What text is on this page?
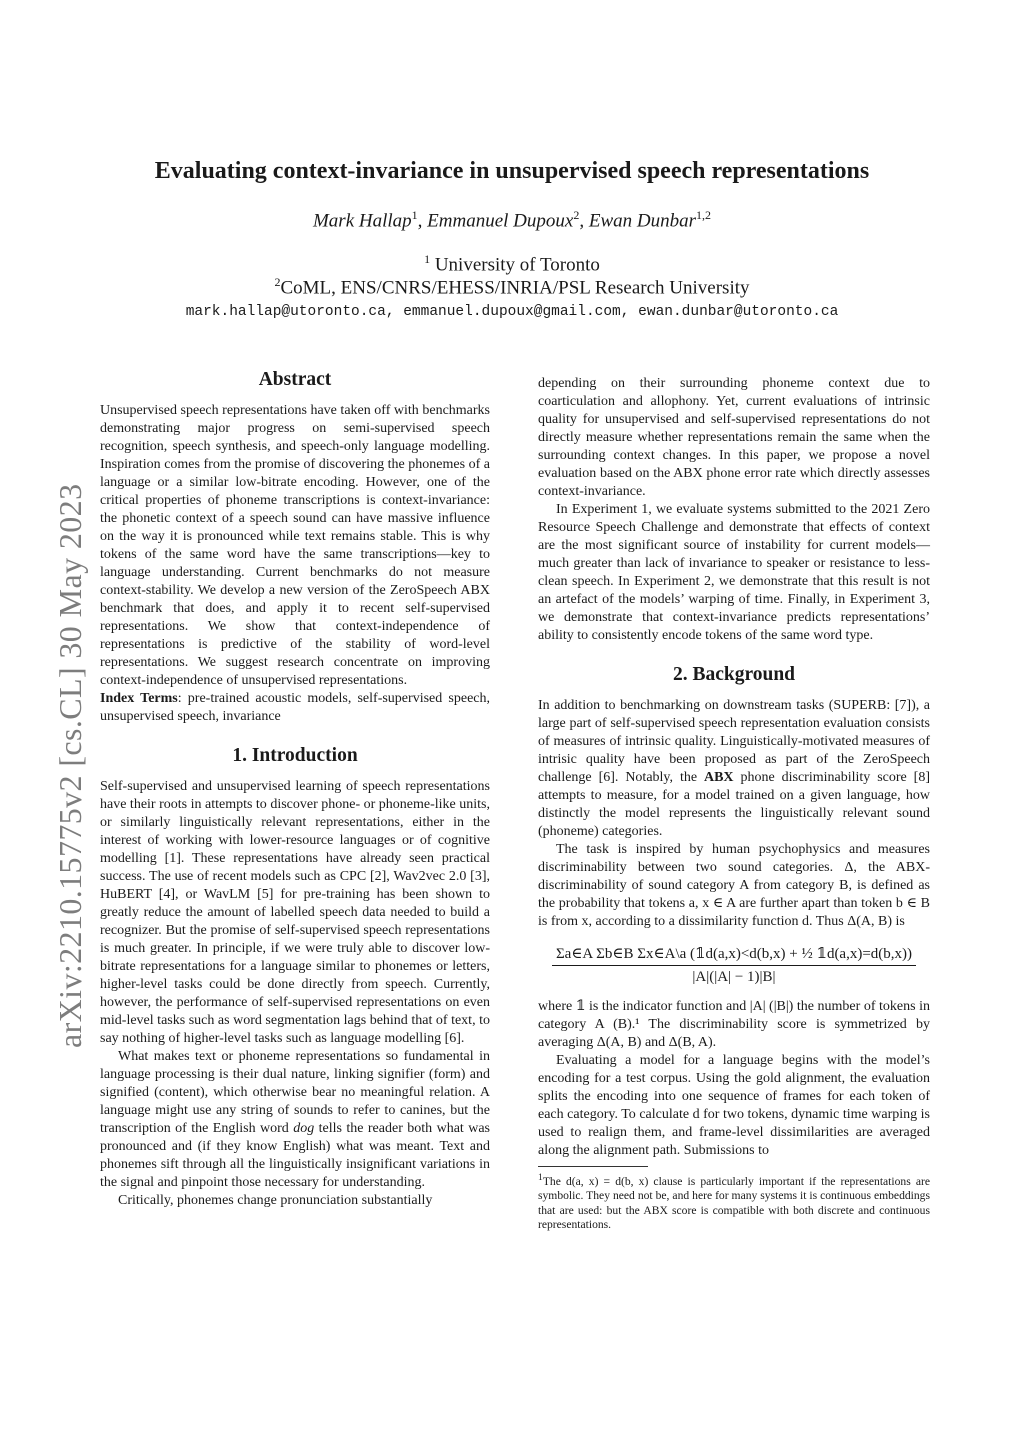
arXiv:2210.15775v2 [cs.CL] 30 May 2023
Evaluating context-invariance in unsupervised speech representations
Mark Hallap$^1$, Emmanuel Dupoux$^2$, Ewan Dunbar$^{1,2}$
$^1$ University of Toronto
$^2$CoML, ENS/CNRS/EHESS/INRIA/PSL Research University
mark.hallap@utoronto.ca, emmanuel.dupoux@gmail.com, ewan.dunbar@utoronto.ca
Abstract

Unsupervised speech representations have taken off with benchmarks demonstrating major progress on semi-supervised speech recognition, speech synthesis, and speech-only language modelling. Inspiration comes from the promise of discovering the phonemes of a language or a similar low-bitrate encoding. However, one of the critical properties of phoneme transcriptions is context-invariance: the phonetic context of a speech sound can have massive influence on the way it is pronounced while text remains stable. This is why tokens of the same word have the same transcriptions—key to language understanding. Current benchmarks do not measure context-stability. We develop a new version of the ZeroSpeech ABX benchmark that does, and apply it to recent self-supervised representations. We show that context-independence of representations is predictive of the stability of word-level representations. We suggest research concentrate on improving context-independence of unsupervised representations.

Index Terms: pre-trained acoustic models, self-supervised speech, unsupervised speech, invariance

1. Introduction

Self-supervised and unsupervised learning of speech representations have their roots in attempts to discover phone- or phoneme-like units, or similarly linguistically relevant representations, either in the interest of working with lower-resource languages or of cognitive modelling [1]. These representations have already seen practical success. The use of recent models such as CPC [2], Wav2vec 2.0 [3], HuBERT [4], or WavLM [5] for pre-training has been shown to greatly reduce the amount of labelled speech data needed to build a recognizer. But the promise of self-supervised speech representations is much greater. In principle, if we were truly able to discover low-bitrate representations for a language similar to phonemes or letters, higher-level tasks could be done directly from speech. Currently, however, the performance of self-supervised representations on even mid-level tasks such as word segmentation lags behind that of text, to say nothing of higher-level tasks such as language modelling [6].

What makes text or phoneme representations so fundamental in language processing is their dual nature, linking signifier (form) and signified (content), which otherwise bear no meaningful relation. A language might use any string of sounds to refer to canines, but the transcription of the English word dog tells the reader both what was pronounced and (if they know English) what was meant. Text and phonemes sift through all the linguistically insignificant variations in the signal and pinpoint those necessary for understanding.

Critically, phonemes change pronunciation substantially

depending on their surrounding phoneme context due to coarticulation and allophony. Yet, current evaluations of intrinsic quality for unsupervised and self-supervised representations do not directly measure whether representations remain the same when the surrounding context changes. In this paper, we propose a novel evaluation based on the ABX phone error rate which directly assesses context-invariance.

In Experiment 1, we evaluate systems submitted to the 2021 Zero Resource Speech Challenge and demonstrate that effects of context are the most significant source of instability for current models—much greater than lack of invariance to speaker or resistance to less-clean speech. In Experiment 2, we demonstrate that this result is not an artefact of the models’ warping of time. Finally, in Experiment 3, we demonstrate that context-invariance predicts representations’ ability to consistently encode tokens of the same word type.

2. Background

In addition to benchmarking on downstream tasks (SUPERB: [7]), a large part of self-supervised speech representation evaluation consists of measures of intrinsic quality. Linguistically-motivated measures of intrisic quality have been proposed as part of the ZeroSpeech challenge [6]. Notably, the ABX phone discriminability score [8] attempts to measure, for a model trained on a given language, how distinctly the model represents the linguistically relevant sound (phoneme) categories.

The task is inspired by human psychophysics and measures discriminability between two sound categories. Δ, the ABX-discriminability of sound category A from category B, is defined as the probability that tokens a, x ∈ A are further apart than token b ∈ B is from x, according to a dissimilarity function d. Thus Δ(A, B) is

$\frac{\text{Σa∈A Σb∈B Σx∈A\textbackslash{}a (𝟙d(a,x)<d(b,x) + ½ 𝟙d(a,x)=d(b,x))}}{|A|(|A| - 1)|B|}$

where 𝟙 is the indicator function and |A| (|B|) the number of tokens in category A (B).¹ The discriminability score is symmetrized by averaging Δ(A, B) and Δ(B, A).

Evaluating a model for a language begins with the model’s encoding for a test corpus. Using the gold alignment, the evaluation splits the encoding into one sequence of frames for each token of each category. To calculate d for two tokens, dynamic time warping is used to realign them, and frame-level dissimilarities are averaged along the alignment path. Submissions to

$^1$The d(a, x) = d(b, x) clause is particularly important if the representations are symbolic. They need not be, and here for many systems it is continuous embeddings that are used: but the ABX score is compatible with both discrete and continuous representations.
